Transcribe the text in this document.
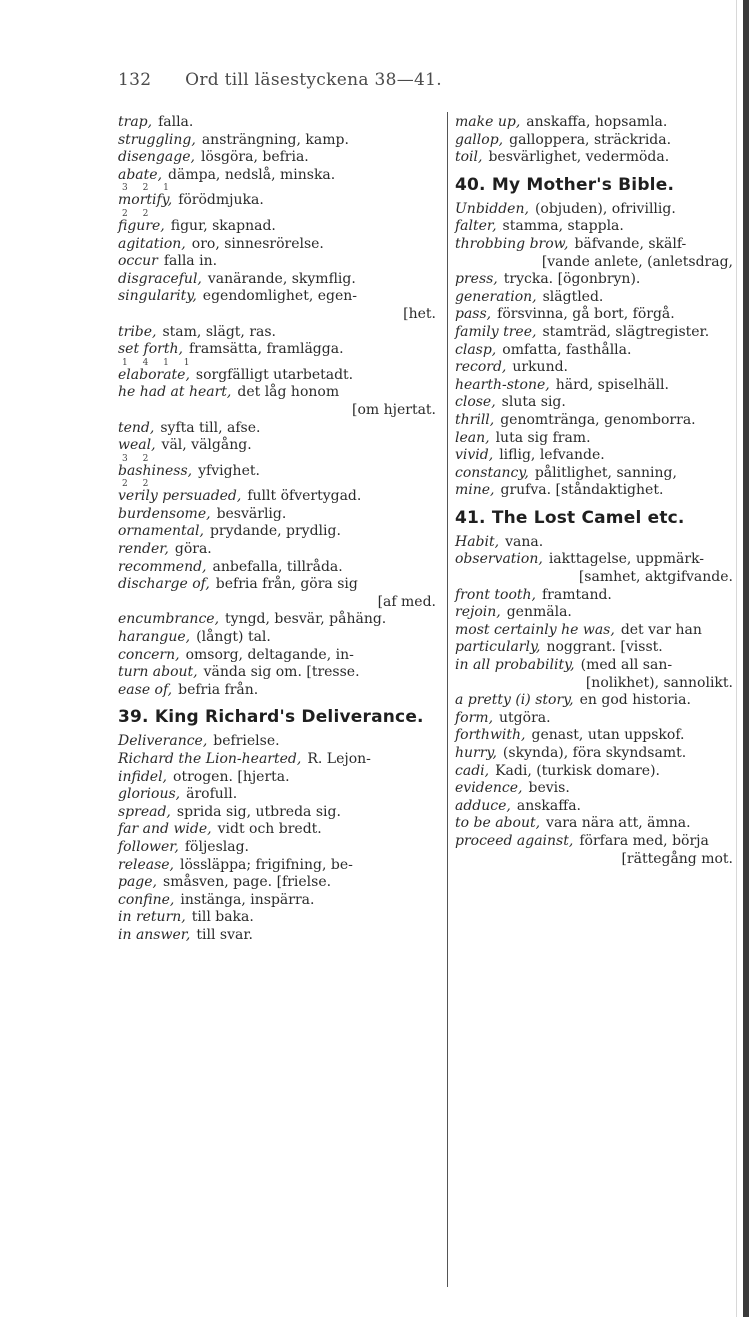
132 Ord till läsestyckena 38—41.
trap, falla.
struggling, ansträngning, kamp.
disengage, lösgöra, befria.
abate, dämpa, nedslå, minska.
3 2 1
mortify, förödmjuka.
2 2
figure, figur, skapnad.
agitation, oro, sinnesrörelse.
occur falla in.
disgraceful, vanärande, skymflig.
singularity, egendomlighet, egen-
[het.
tribe, stam, slägt, ras.
set forth, framsätta, framlägga.
1 4 1 1
elaborate, sorgfälligt utarbetadt.
he had at heart, det låg honom
[om hjertat.
tend, syfta till, afse.
weal, väl, välgång.
3 2
bashiness, yfvighet.
2 2
verily persuaded, fullt öfvertygad.
burdensome, besvärlig.
ornamental, prydande, prydlig.
render, göra.
recommend, anbefalla, tillråda.
discharge of, befria från, göra sig
[af med.
encumbrance, tyngd, besvär, påhäng.
harangue, (långt) tal.
concern, omsorg, deltagande, in-
turn about, vända sig om. [tresse.
ease of, befria från.
39. King Richard's Deliverance.
Deliverance, befrielse.
Richard the Lion-hearted, R. Lejon-
infidel, otrogen. [hjerta.
glorious, ärofull.
spread, sprida sig, utbreda sig.
far and wide, vidt och bredt.
follower, följeslag.
release, lössläppa; frigifning, be-
page, småsven, page. [frielse.
confine, instänga, inspärra.
in return, till baka.
in answer, till svar.
make up, anskaffa, hopsamla.
gallop, galloppera, sträckrida.
toil, besvärlighet, vedermöda.
40. My Mother's Bible.
Unbidden, (objuden), ofrivillig.
falter, stamma, stappla.
throbbing brow, bäfvande, skälf-
[vande anlete, (anletsdrag,
press, trycka. [ögonbryn).
generation, slägtled.
pass, försvinna, gå bort, förgå.
family tree, stamträd, slägtregister.
clasp, omfatta, fasthålla.
record, urkund.
hearth-stone, härd, spiselhäll.
close, sluta sig.
thrill, genomtränga, genomborra.
lean, luta sig fram.
vivid, liflig, lefvande.
constancy, pålitlighet, sanning,
mine, grufva. [ståndaktighet.
41. The Lost Camel etc.
Habit, vana.
observation, iakttagelse, uppmärk-
[samhet, aktgifvande.
front tooth, framtand.
rejoin, genmäla.
most certainly he was, det var han
particularly, noggrant. [visst.
in all probability, (med all san-
[nolikhet), sannolikt.
a pretty (i) story, en god historia.
form, utgöra.
forthwith, genast, utan uppskof.
hurry, (skynda), föra skyndsamt.
cadi, Kadi, (turkisk domare).
evidence, bevis.
adduce, anskaffa.
to be about, vara nära att, ämna.
proceed against, förfara med, börja
[rättegång mot.
